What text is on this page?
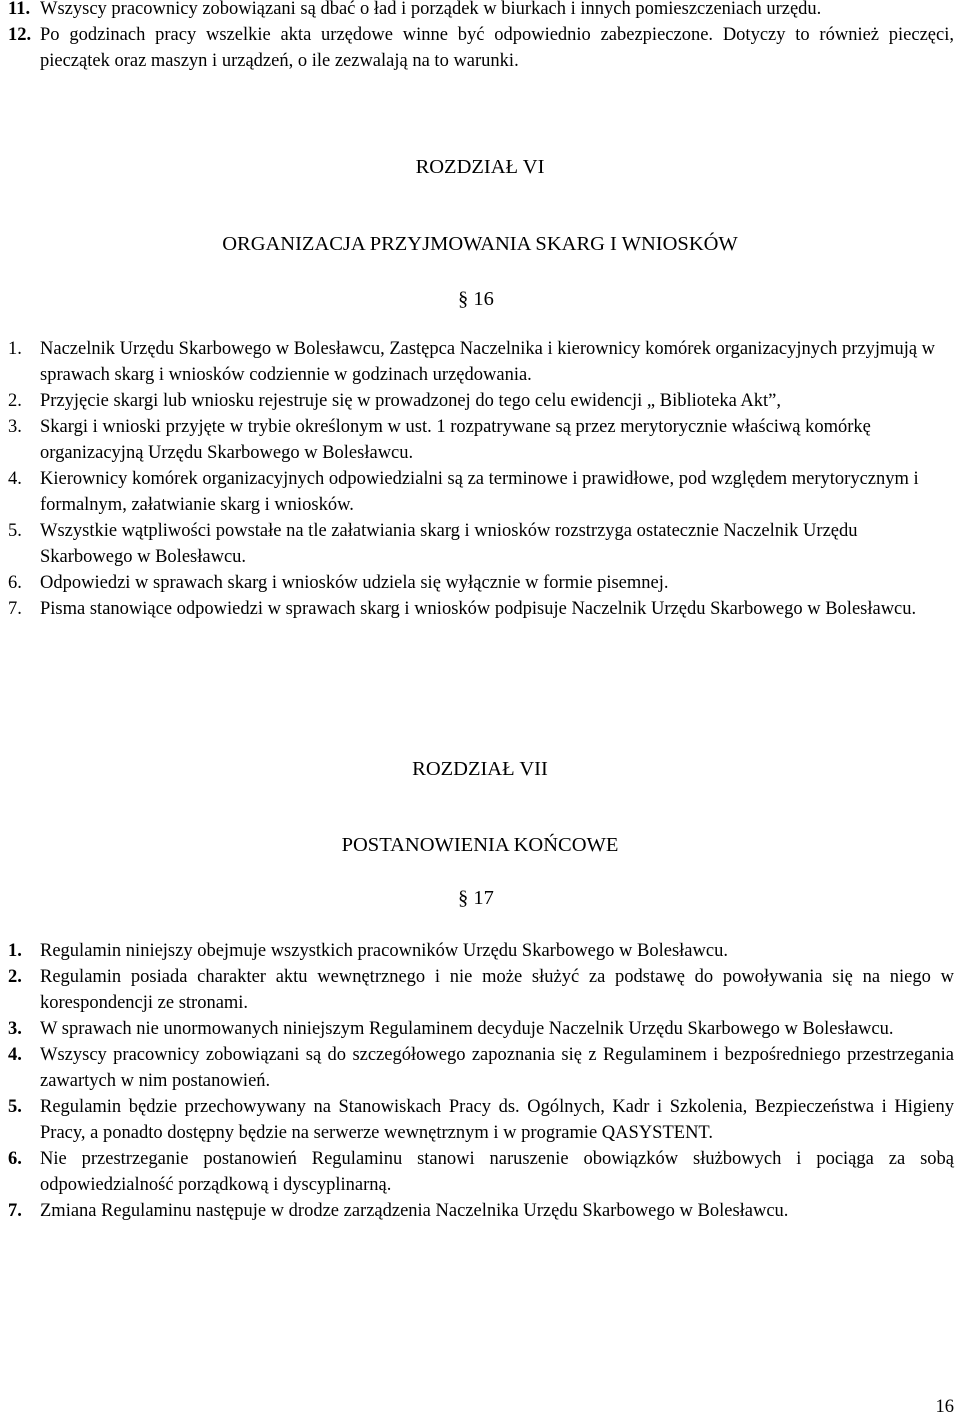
11. Wszyscy pracownicy zobowiązani są dbać o ład i porządek w biurkach i innych pomieszczeniach urzędu.
12. Po godzinach pracy wszelkie akta urzędowe winne być odpowiednio zabezpieczone. Dotyczy to również pieczęci, pieczątek oraz maszyn i urządzeń, o ile zezwalają na to warunki.
ROZDZIAŁ VI
ORGANIZACJA PRZYJMOWANIA SKARG I WNIOSKÓW
§ 16
1. Naczelnik Urzędu Skarbowego w Bolesławcu, Zastępca Naczelnika i kierownicy komórek organizacyjnych przyjmują w sprawach skarg i wniosków codziennie w godzinach urzędowania.
2. Przyjęcie skargi lub wniosku rejestruje się w prowadzonej do tego celu ewidencji „ Biblioteka Akt”,
3. Skargi i wnioski przyjęte w trybie określonym w ust. 1 rozpatrywane są przez merytorycznie właściwą komórkę organizacyjną Urzędu Skarbowego w Bolesławcu.
4. Kierownicy komórek organizacyjnych odpowiedzialni są za terminowe i prawidłowe, pod względem merytorycznym i formalnym, załatwianie skarg i wniosków.
5. Wszystkie wątpliwości powstałe na tle załatwiania skarg i wniosków rozstrzyga ostatecznie Naczelnik Urzędu Skarbowego w Bolesławcu.
6. Odpowiedzi w sprawach skarg i wniosków udziela się wyłącznie w formie pisemnej.
7. Pisma stanowiące odpowiedzi w sprawach skarg i wniosków podpisuje Naczelnik Urzędu Skarbowego w Bolesławcu.
ROZDZIAŁ VII
POSTANOWIENIA KOŃCOWE
§ 17
1. Regulamin niniejszy obejmuje wszystkich pracowników Urzędu Skarbowego w Bolesławcu.
2. Regulamin posiada charakter aktu wewnętrznego i nie może służyć za podstawę do powoływania się na niego w korespondencji ze stronami.
3. W sprawach nie unormowanych niniejszym Regulaminem decyduje Naczelnik Urzędu Skarbowego w Bolesławcu.
4. Wszyscy pracownicy zobowiązani są do szczegółowego zapoznania się z Regulaminem i bezpośredniego przestrzegania zawartych w nim postanowień.
5. Regulamin będzie przechowywany na Stanowiskach Pracy ds. Ogólnych, Kadr i Szkolenia, Bezpieczeństwa i Higieny Pracy, a ponadto dostępny będzie na serwerze wewnętrznym i w programie QASYSTENT.
6. Nie przestrzeganie postanowień Regulaminu stanowi naruszenie obowiązków służbowych i pociąga za sobą odpowiedzialność porządkową i dyscyplinarną.
7. Zmiana Regulaminu następuje w drodze zarządzenia Naczelnika Urzędu Skarbowego w Bolesławcu.
16
